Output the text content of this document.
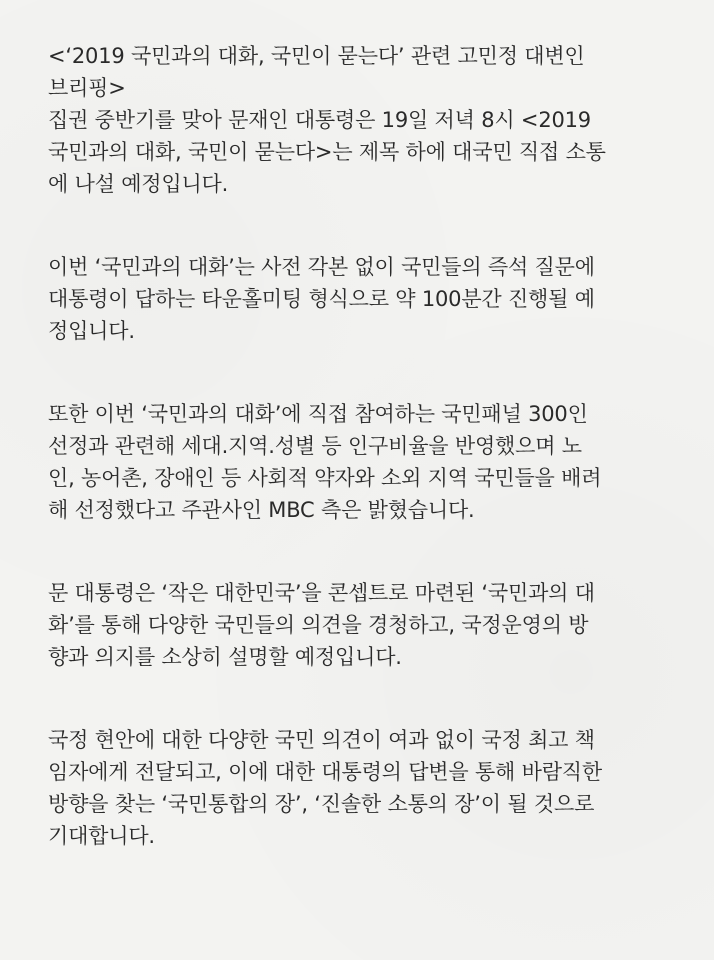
<‘2019 국민과의 대화, 국민이 묻는다’ 관련 고민정 대변인
브리핑>
집권 중반기를 맞아 문재인 대통령은 19일 저녁 8시 <2019
국민과의 대화, 국민이 묻는다>는 제목 하에 대국민 직접 소통
에 나설 예정입니다.
이번 ‘국민과의 대화’는 사전 각본 없이 국민들의 즉석 질문에
대통령이 답하는 타운홀미팅 형식으로 약 100분간 진행될 예
정입니다.
또한 이번 ‘국민과의 대화’에 직접 참여하는 국민패널 300인
선정과 관련해 세대.지역.성별 등 인구비율을 반영했으며 노
인, 농어촌, 장애인 등 사회적 약자와 소외 지역 국민들을 배려
해 선정했다고 주관사인 MBC 측은 밝혔습니다.
문 대통령은 ‘작은 대한민국’을 콘셉트로 마련된 ‘국민과의 대
화’를 통해 다양한 국민들의 의견을 경청하고, 국정운영의 방
향과 의지를 소상히 설명할 예정입니다.
국정 현안에 대한 다양한 국민 의견이 여과 없이 국정 최고 책
임자에게 전달되고, 이에 대한 대통령의 답변을 통해 바람직한
방향을 찾는 ‘국민통합의 장’, ‘진솔한 소통의 장’이 될 것으로
기대합니다.
